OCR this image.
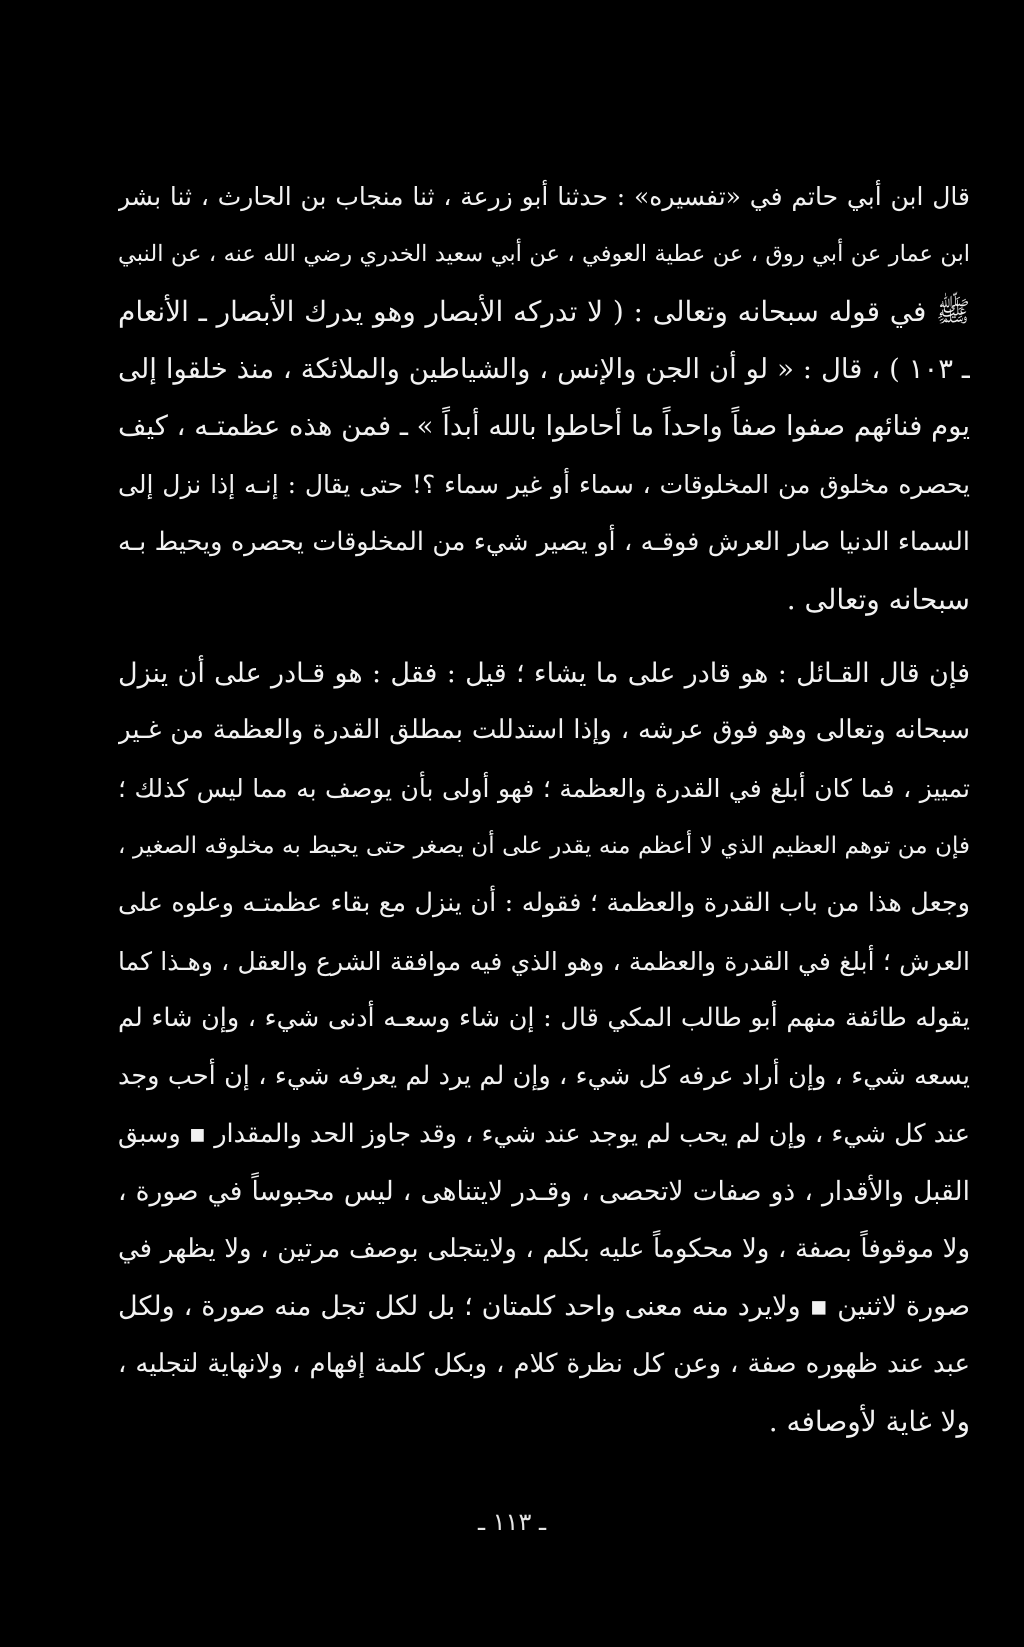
قال ابن أبي حاتم في «تفسيره» : حدثنا أبو زرعة ، ثنا منجاب بن الحارث ، ثنا بشر
ابن عمار عن أبي روق ، عن عطية العوفي ، عن أبي سعيد الخدري رضي الله عنه ، عن النبي
ﷺ في قوله سبحانه وتعالى : ( لا تدركه الأبصار وهو يدرك الأبصار ـ الأنعام
ـ ١٠٣ ) ، قال : « لو أن الجن والإنس ، والشياطين والملائكة ، منذ خلقوا إلى
يوم فنائهم صفوا صفاً واحداً ما أحاطوا بالله أبداً » ـ فمن هذه عظمتـه ، كيف
يحصره مخلوق من المخلوقات ، سماء أو غير سماء ؟! حتى يقال : إنـه إذا نزل إلى
السماء الدنيا صار العرش فوقـه ، أو يصير شيء من المخلوقات يحصره ويحيط بـه
سبحانه وتعالى .
فإن قال القـائل : هو قادر على ما يشاء ؛ قيل : فقل : هو قـادر على أن ينزل
سبحانه وتعالى وهو فوق عرشه ، وإذا استدللت بمطلق القدرة والعظمة من غـير
تمييز ، فما كان أبلغ في القدرة والعظمة ؛ فهو أولى بأن يوصف به مما ليس كذلك ؛
فإن من توهم العظيم الذي لا أعظم منه يقدر على أن يصغر حتى يحيط به مخلوقه الصغير ،
وجعل هذا من باب القدرة والعظمة ؛ فقوله : أن ينزل مع بقاء عظمتـه وعلوه على
العرش ؛ أبلغ في القدرة والعظمة ، وهو الذي فيه موافقة الشرع والعقل ، وهـذا كما
يقوله طائفة منهم أبو طالب المكي قال : إن شاء وسعـه أدنى شيء ، وإن شاء لم
يسعه شيء ، وإن أراد عرفه كل شيء ، وإن لم يرد لم يعرفه شيء ، إن أحب وجد
عند كل شيء ، وإن لم يحب لم يوجد عند شيء ، وقد جاوز الحد والمقدار ▪ وسبق
القبل والأقدار ، ذو صفات لاتحصى ، وقـدر لايتناهى ، ليس محبوساً في صورة ،
ولا موقوفاً بصفة ، ولا محكوماً عليه بكلم ، ولايتجلى بوصف مرتين ، ولا يظهر في
صورة لاثنين ▪ ولايرد منه معنى واحد كلمتان ؛ بل لكل تجل منه صورة ، ولكل
عبد عند ظهوره صفة ، وعن كل نظرة كلام ، وبكل كلمة إفهام ، ولانهاية لتجليه ،
ولا غاية لأوصافه .
ـ ١١٣ ـ
